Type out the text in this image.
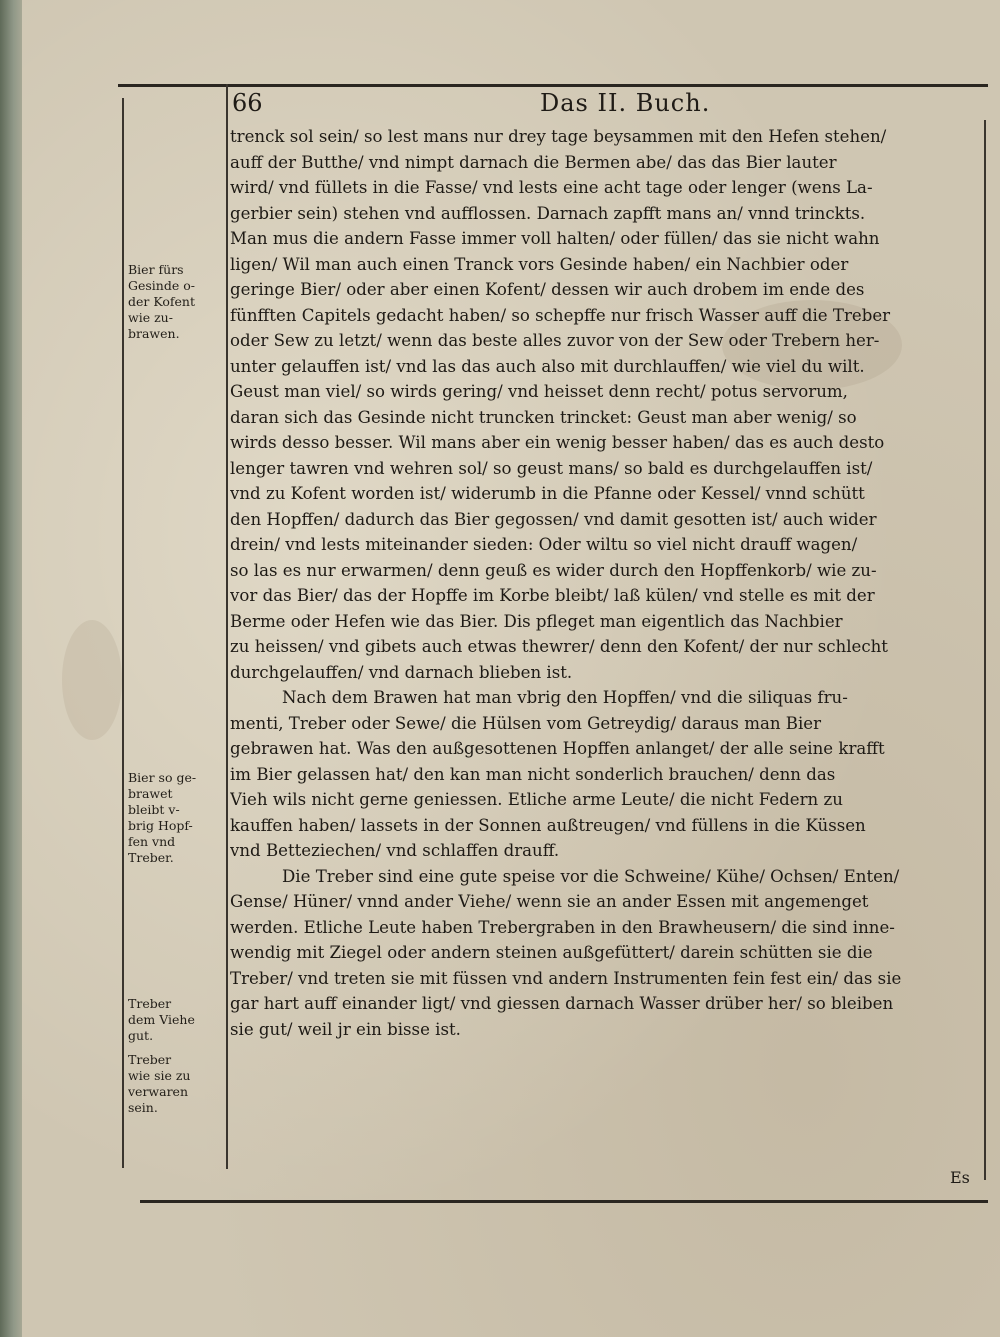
66	Das II. Buch.
trenck sol sein/ so lest mans nur drey tage beysammen mit den Hefen stehen/
auff der Butthe/ vnd nimpt darnach die Bermen abe/ das das Bier lauter
wird/ vnd füllets in die Fasse/ vnd lests eine acht tage oder lenger (wens La-
gerbier sein) stehen vnd aufflossen. Darnach zapfft mans an/ vnnd trinckts.
Man mus die andern Fasse immer voll halten/ oder füllen/ das sie nicht wahn
ligen/ Wil man auch einen Tranck vors Gesinde haben/ ein Nachbier oder
geringe Bier/ oder aber einen Kofent/ dessen wir auch drobem im ende des
fünfften Capitels gedacht haben/ so schepffe nur frisch Wasser auff die Treber
oder Sew zu letzt/ wenn das beste alles zuvor von der Sew oder Trebern her-
unter gelauffen ist/ vnd las das auch also mit durchlauffen/ wie viel du wilt.
Geust man viel/ so wirds gering/ vnd heisset denn recht/ potus servorum,
daran sich das Gesinde nicht truncken trincket: Geust man aber wenig/ so
wirds desso besser. Wil mans aber ein wenig besser haben/ das es auch desto
lenger tawren vnd wehren sol/ so geust mans/ so bald es durchgelauffen ist/
vnd zu Kofent worden ist/ widerumb in die Pfanne oder Kessel/ vnnd schütt
den Hopffen/ dadurch das Bier gegossen/ vnd damit gesotten ist/ auch wider
drein/ vnd lests miteinander sieden: Oder wiltu so viel nicht drauff wagen/
so las es nur erwarmen/ denn geuß es wider durch den Hopffenkorb/ wie zu-
vor das Bier/ das der Hopffe im Korbe bleibt/ laß külen/ vnd stelle es mit der
Berme oder Hefen wie das Bier. Dis pfleget man eigentlich das Nachbier
zu heissen/ vnd gibets auch etwas thewrer/ denn den Kofent/ der nur schlecht
durchgelauffen/ vnd darnach blieben ist.
Nach dem Brawen hat man vbrig den Hopffen/ vnd die siliquas fru-
menti, Treber oder Sewe/ die Hülsen vom Getreydig/ daraus man Bier
gebrawen hat. Was den außgesottenen Hopffen anlanget/ der alle seine krafft
im Bier gelassen hat/ den kan man nicht sonderlich brauchen/ denn das
Vieh wils nicht gerne geniessen. Etliche arme Leute/ die nicht Federn zu
kauffen haben/ lassets in der Sonnen außtreugen/ vnd füllens in die Küssen
vnd Betteziechen/ vnd schlaffen drauff.
Die Treber sind eine gute speise vor die Schweine/ Kühe/ Ochsen/ Enten/
Gense/ Hüner/ vnnd ander Viehe/ wenn sie an ander Essen mit angemenget
werden. Etliche Leute haben Trebergraben in den Brawheusern/ die sind inne-
wendig mit Ziegel oder andern steinen außgefüttert/ darein schütten sie die
Treber/ vnd treten sie mit füssen vnd andern Instrumenten fein fest ein/ das sie
gar hart auff einander ligt/ vnd giessen darnach Wasser drüber her/ so bleiben
sie gut/ weil jr ein bisse ist.
Bier fürs
Gesinde o-
der Kofent
wie zu-
brawen.
Bier so ge-
brawet
bleibt v-
brig Hopf-
fen vnd
Treber.
Treber
dem Viehe
gut.
Treber
wie sie zu
verwaren
sein.
Es
